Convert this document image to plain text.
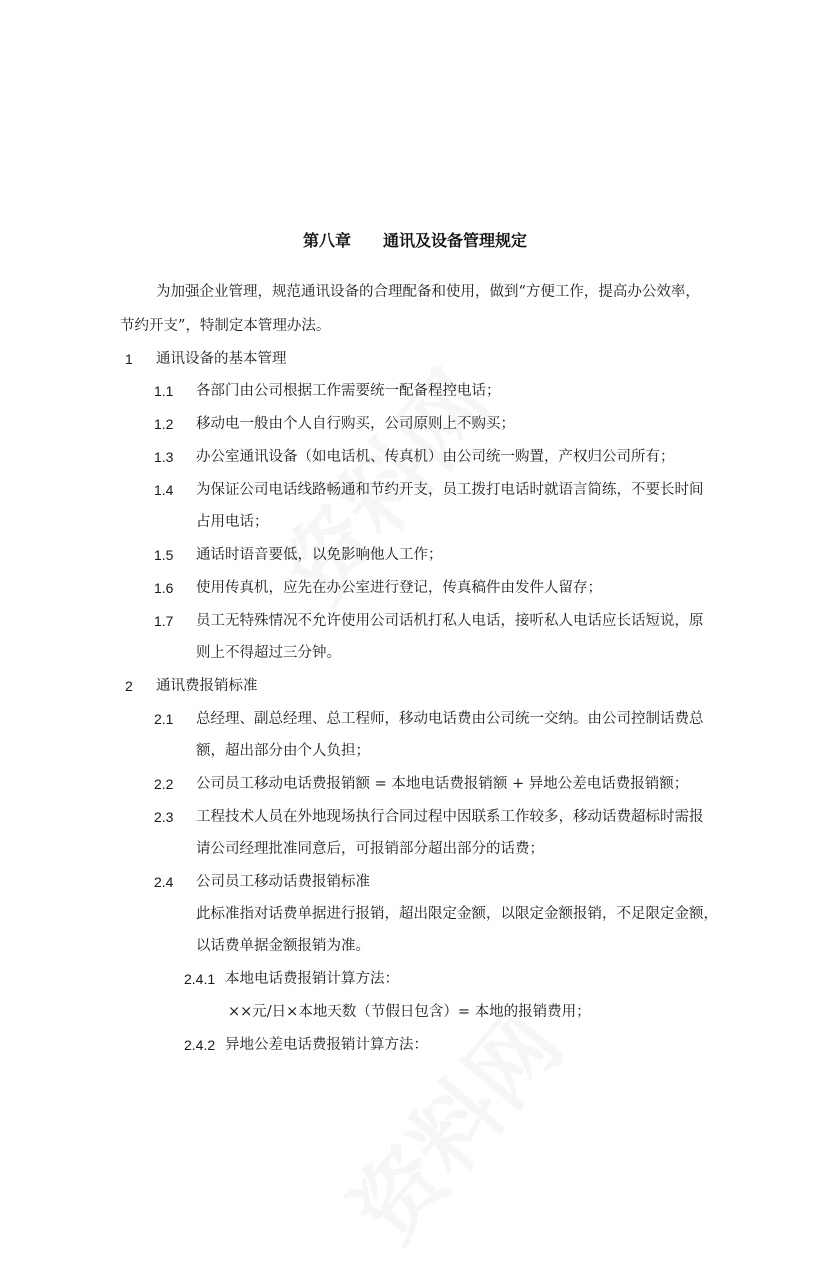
第八章 通讯及设备管理规定
为加强企业管理，规范通讯设备的合理配备和使用，做到“方便工作，提高办公效率，
节约开支”，特制定本管理办法。
1 通讯设备的基本管理
1.1 各部门由公司根据工作需要统一配备程控电话；
1.2 移动电一般由个人自行购买，公司原则上不购买；
1.3 办公室通讯设备（如电话机、传真机）由公司统一购置，产权归公司所有；
1.4 为保证公司电话线路畅通和节约开支，员工拨打电话时就语言简练，不要长时间
占用电话；
1.5 通话时语音要低，以免影响他人工作；
1.6 使用传真机，应先在办公室进行登记，传真稿件由发件人留存；
1.7 员工无特殊情况不允许使用公司话机打私人电话，接听私人电话应长话短说，原
则上不得超过三分钟。
2 通讯费报销标准
2.1 总经理、副总经理、总工程师，移动电话费由公司统一交纳。由公司控制话费总
额，超出部分由个人负担；
2.2 公司员工移动电话费报销额 = 本地电话费报销额 + 异地公差电话费报销额；
2.3 工程技术人员在外地现场执行合同过程中因联系工作较多，移动话费超标时需报
请公司经理批准同意后，可报销部分超出部分的话费；
2.4 公司员工移动话费报销标准
此标准指对话费单据进行报销，超出限定金额，以限定金额报销，不足限定金额，
以话费单据金额报销为准。
2.4.1 本地电话费报销计算方法：
××元/日×本地天数（节假日包含）= 本地的报销费用；
2.4.2 异地公差电话费报销计算方法：
